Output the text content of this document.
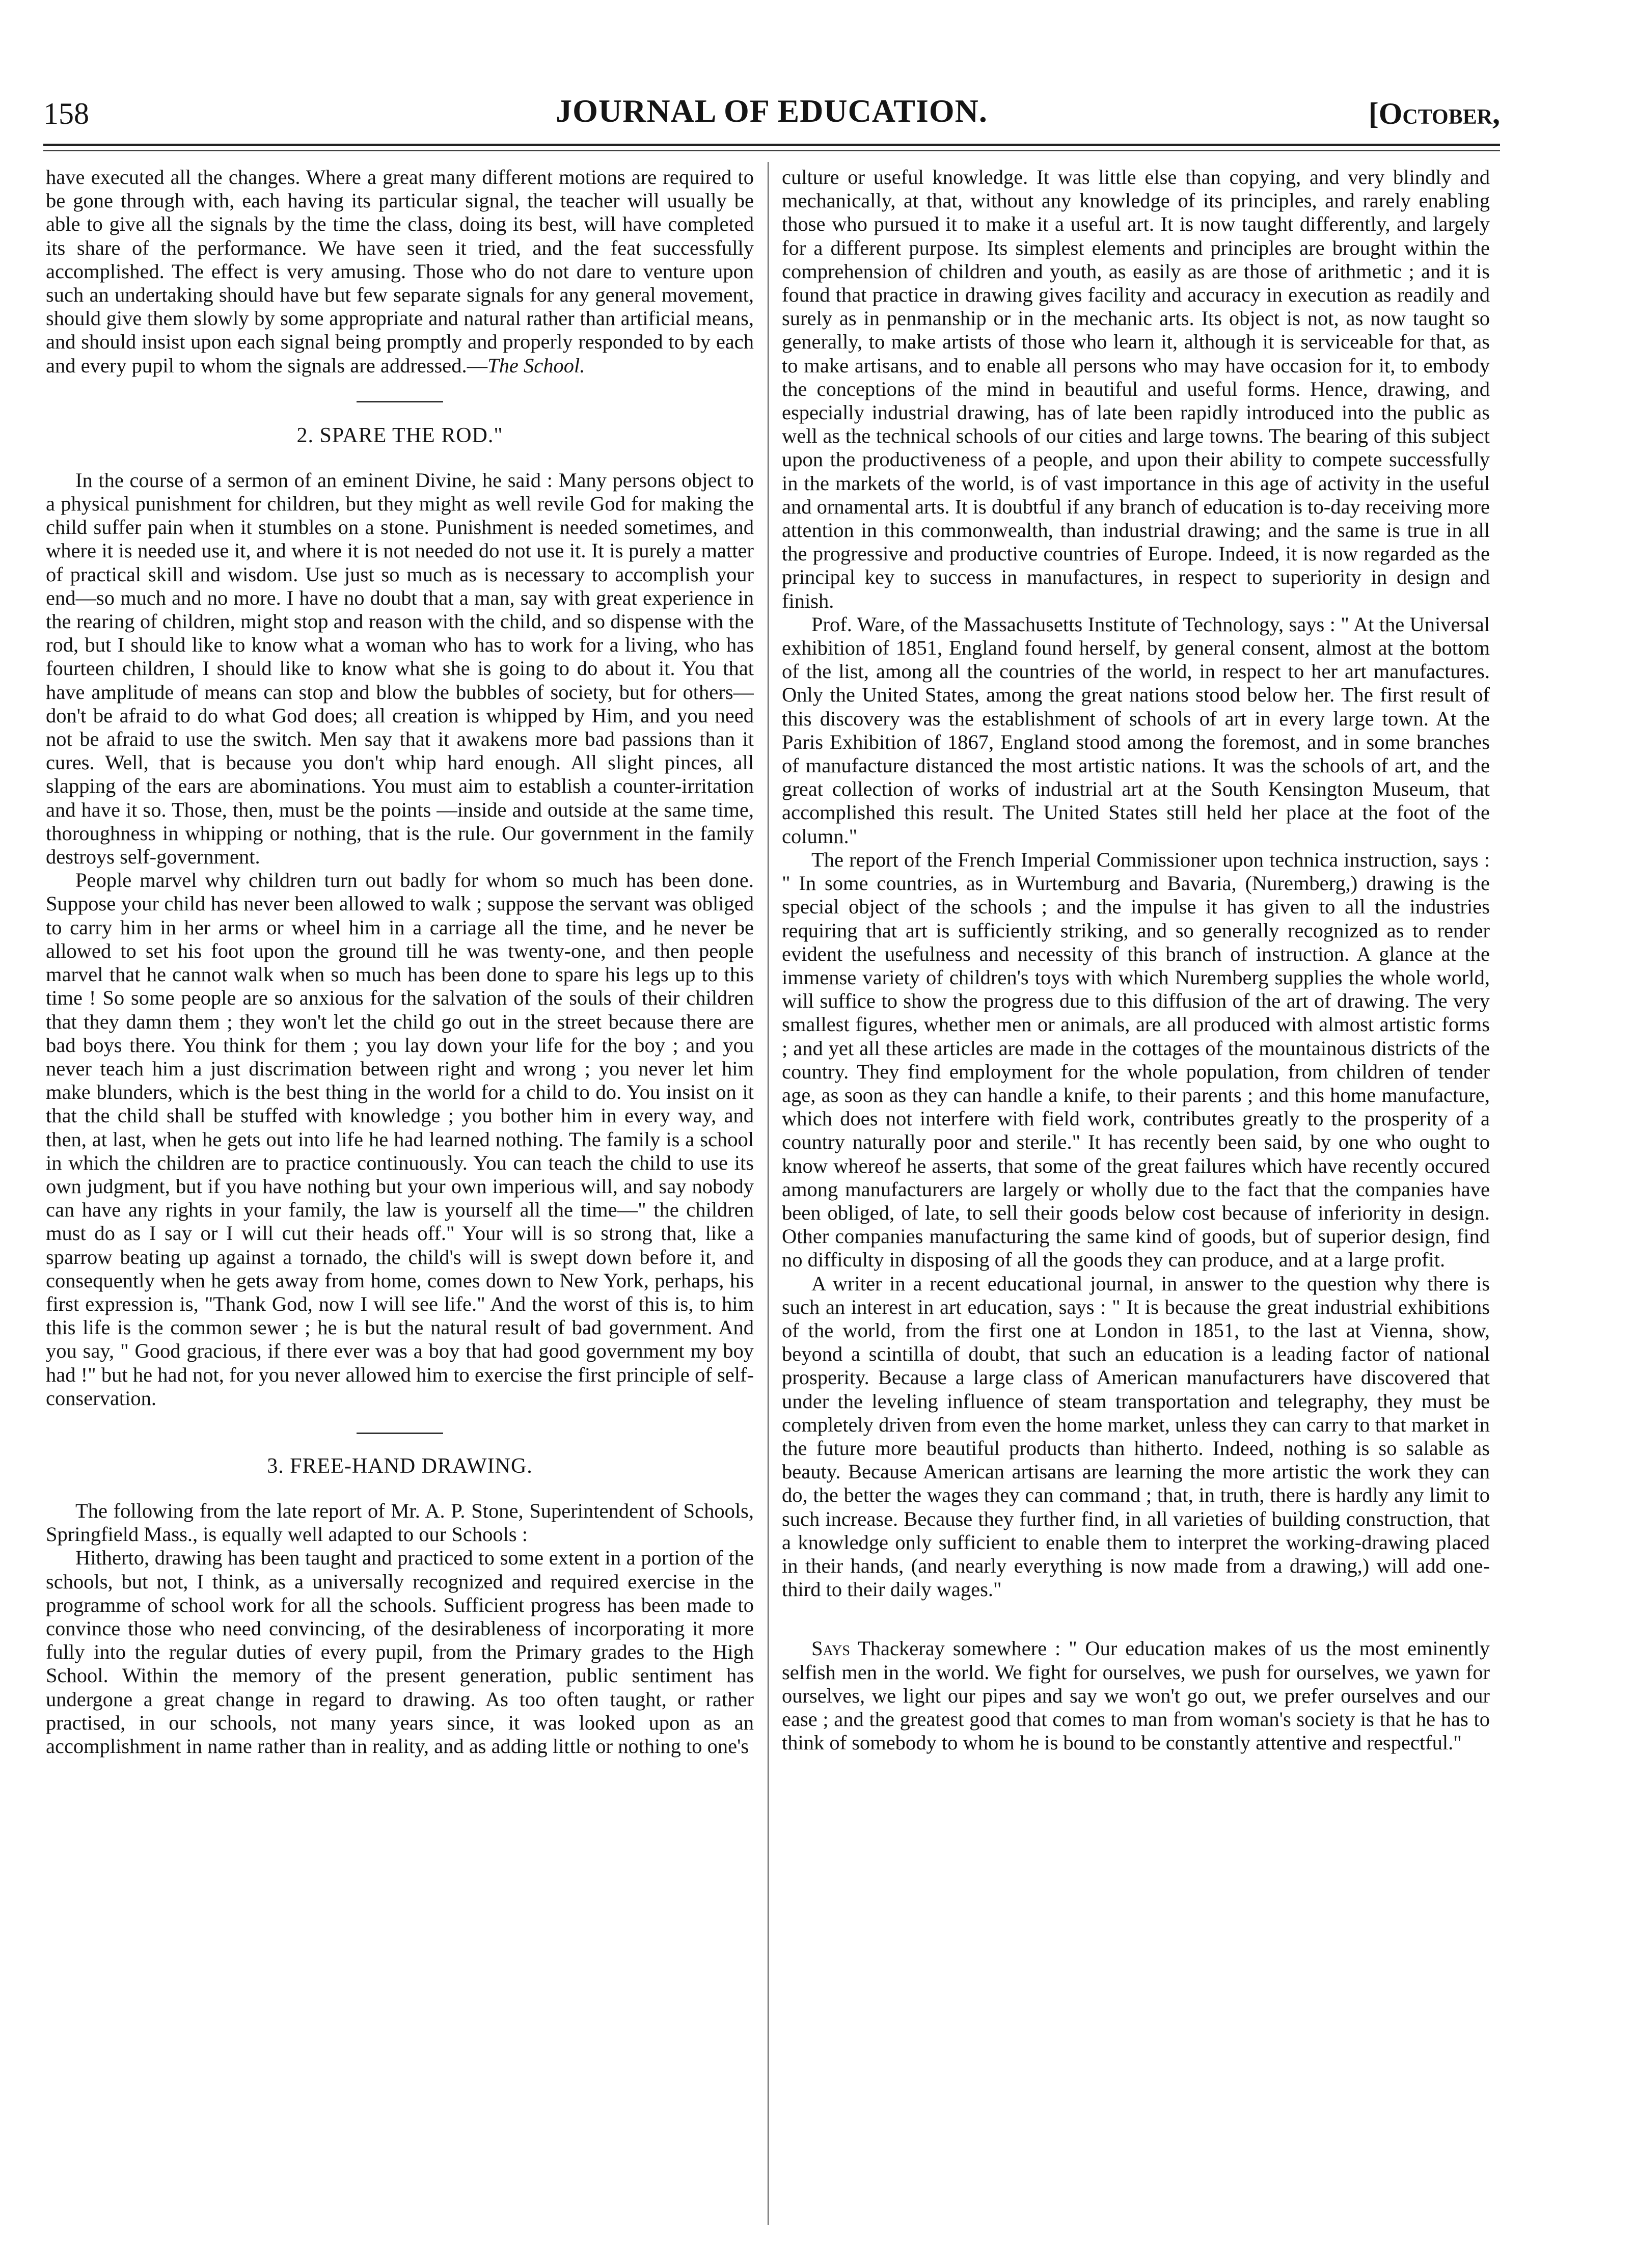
158	JOURNAL OF EDUCATION.	[October,

have executed all the changes. Where a great many different motions are required to be gone through with, each having its particular signal, the teacher will usually be able to give all the signals by the time the class, doing its best, will have completed its share of the performance. We have seen it tried, and the feat successfully accomplished. The effect is very amusing. Those who do not dare to venture upon such an undertaking should have but few separate signals for any general movement, should give them slowly by some appropriate and natural rather than artificial means, and should insist upon each signal being promptly and properly responded to by each and every pupil to whom the signals are addressed.—The School.

2. SPARE THE ROD."

In the course of a sermon of an eminent Divine, he said : Many persons object to a physical punishment for children, but they might as well revile God for making the child suffer pain when it stumbles on a stone. Punishment is needed sometimes, and where it is needed use it, and where it is not needed do not use it. It is purely a matter of practical skill and wisdom. Use just so much as is necessary to accomplish your end—so much and no more. I have no doubt that a man, say with great experience in the rearing of children, might stop and reason with the child, and so dispense with the rod, but I should like to know what a woman who has to work for a living, who has fourteen children, I should like to know what she is going to do about it. You that have amplitude of means can stop and blow the bubbles of society, but for others—don't be afraid to do what God does; all creation is whipped by Him, and you need not be afraid to use the switch. Men say that it awakens more bad passions than it cures. Well, that is because you don't whip hard enough. All slight pinces, all slapping of the ears are abominations. You must aim to establish a counter-irritation and have it so. Those, then, must be the points —inside and outside at the same time, thoroughness in whipping or nothing, that is the rule. Our government in the family destroys self-government.

People marvel why children turn out badly for whom so much has been done. Suppose your child has never been allowed to walk ; suppose the servant was obliged to carry him in her arms or wheel him in a carriage all the time, and he never be allowed to set his foot upon the ground till he was twenty-one, and then people marvel that he cannot walk when so much has been done to spare his legs up to this time ! So some people are so anxious for the salvation of the souls of their children that they damn them ; they won't let the child go out in the street because there are bad boys there. You think for them ; you lay down your life for the boy ; and you never teach him a just discrimation between right and wrong ; you never let him make blunders, which is the best thing in the world for a child to do. You insist on it that the child shall be stuffed with knowledge ; you bother him in every way, and then, at last, when he gets out into life he had learned nothing. The family is a school in which the children are to practice continuously. You can teach the child to use its own judgment, but if you have nothing but your own imperious will, and say nobody can have any rights in your family, the law is yourself all the time—" the children must do as I say or I will cut their heads off." Your will is so strong that, like a sparrow beating up against a tornado, the child's will is swept down before it, and consequently when he gets away from home, comes down to New York, perhaps, his first expression is, "Thank God, now I will see life." And the worst of this is, to him this life is the common sewer ; he is but the natural result of bad government. And you say, " Good gracious, if there ever was a boy that had good government my boy had !" but he had not, for you never allowed him to exercise the first principle of self-conservation.

3. FREE-HAND DRAWING.

The following from the late report of Mr. A. P. Stone, Superintendent of Schools, Springfield Mass., is equally well adapted to our Schools :

Hitherto, drawing has been taught and practiced to some extent in a portion of the schools, but not, I think, as a universally recognized and required exercise in the programme of school work for all the schools. Sufficient progress has been made to convince those who need convincing, of the desirableness of incorporating it more fully into the regular duties of every pupil, from the Primary grades to the High School. Within the memory of the present generation, public sentiment has undergone a great change in regard to drawing. As too often taught, or rather practised, in our schools, not many years since, it was looked upon as an accomplishment in name rather than in reality, and as adding little or nothing to one's

culture or useful knowledge. It was little else than copying, and very blindly and mechanically, at that, without any knowledge of its principles, and rarely enabling those who pursued it to make it a useful art. It is now taught differently, and largely for a different purpose. Its simplest elements and principles are brought within the comprehension of children and youth, as easily as are those of arithmetic ; and it is found that practice in drawing gives facility and accuracy in execution as readily and surely as in penmanship or in the mechanic arts. Its object is not, as now taught so generally, to make artists of those who learn it, although it is serviceable for that, as to make artisans, and to enable all persons who may have occasion for it, to embody the conceptions of the mind in beautiful and useful forms. Hence, drawing, and especially industrial drawing, has of late been rapidly introduced into the public as well as the technical schools of our cities and large towns. The bearing of this subject upon the productiveness of a people, and upon their ability to compete successfully in the markets of the world, is of vast importance in this age of activity in the useful and ornamental arts. It is doubtful if any branch of education is to-day receiving more attention in this commonwealth, than industrial drawing; and the same is true in all the progressive and productive countries of Europe. Indeed, it is now regarded as the principal key to success in manufactures, in respect to superiority in design and finish.

Prof. Ware, of the Massachusetts Institute of Technology, says : " At the Universal exhibition of 1851, England found herself, by general consent, almost at the bottom of the list, among all the countries of the world, in respect to her art manufactures. Only the United States, among the great nations stood below her. The first result of this discovery was the establishment of schools of art in every large town. At the Paris Exhibition of 1867, England stood among the foremost, and in some branches of manufacture distanced the most artistic nations. It was the schools of art, and the great collection of works of industrial art at the South Kensington Museum, that accomplished this result. The United States still held her place at the foot of the column."

The report of the French Imperial Commissioner upon technica instruction, says : " In some countries, as in Wurtemburg and Bavaria, (Nuremberg,) drawing is the special object of the schools ; and the impulse it has given to all the industries requiring that art is sufficiently striking, and so generally recognized as to render evident the usefulness and necessity of this branch of instruction. A glance at the immense variety of children's toys with which Nuremberg supplies the whole world, will suffice to show the progress due to this diffusion of the art of drawing. The very smallest figures, whether men or animals, are all produced with almost artistic forms ; and yet all these articles are made in the cottages of the mountainous districts of the country. They find employment for the whole population, from children of tender age, as soon as they can handle a knife, to their parents ; and this home manufacture, which does not interfere with field work, contributes greatly to the prosperity of a country naturally poor and sterile." It has recently been said, by one who ought to know whereof he asserts, that some of the great failures which have recently occured among manufacturers are largely or wholly due to the fact that the companies have been obliged, of late, to sell their goods below cost because of inferiority in design. Other companies manufacturing the same kind of goods, but of superior design, find no difficulty in disposing of all the goods they can produce, and at a large profit.

A writer in a recent educational journal, in answer to the question why there is such an interest in art education, says : " It is because the great industrial exhibitions of the world, from the first one at London in 1851, to the last at Vienna, show, beyond a scintilla of doubt, that such an education is a leading factor of national prosperity. Because a large class of American manufacturers have discovered that under the leveling influence of steam transportation and telegraphy, they must be completely driven from even the home market, unless they can carry to that market in the future more beautiful products than hitherto. Indeed, nothing is so salable as beauty. Because American artisans are learning the more artistic the work they can do, the better the wages they can command ; that, in truth, there is hardly any limit to such increase. Because they further find, in all varieties of building construction, that a knowledge only sufficient to enable them to interpret the working-drawing placed in their hands, (and nearly everything is now made from a drawing,) will add one-third to their daily wages."

Says Thackeray somewhere : " Our education makes of us the most eminently selfish men in the world. We fight for ourselves, we push for ourselves, we yawn for ourselves, we light our pipes and say we won't go out, we prefer ourselves and our ease ; and the greatest good that comes to man from woman's society is that he has to think of somebody to whom he is bound to be constantly attentive and respectful."
